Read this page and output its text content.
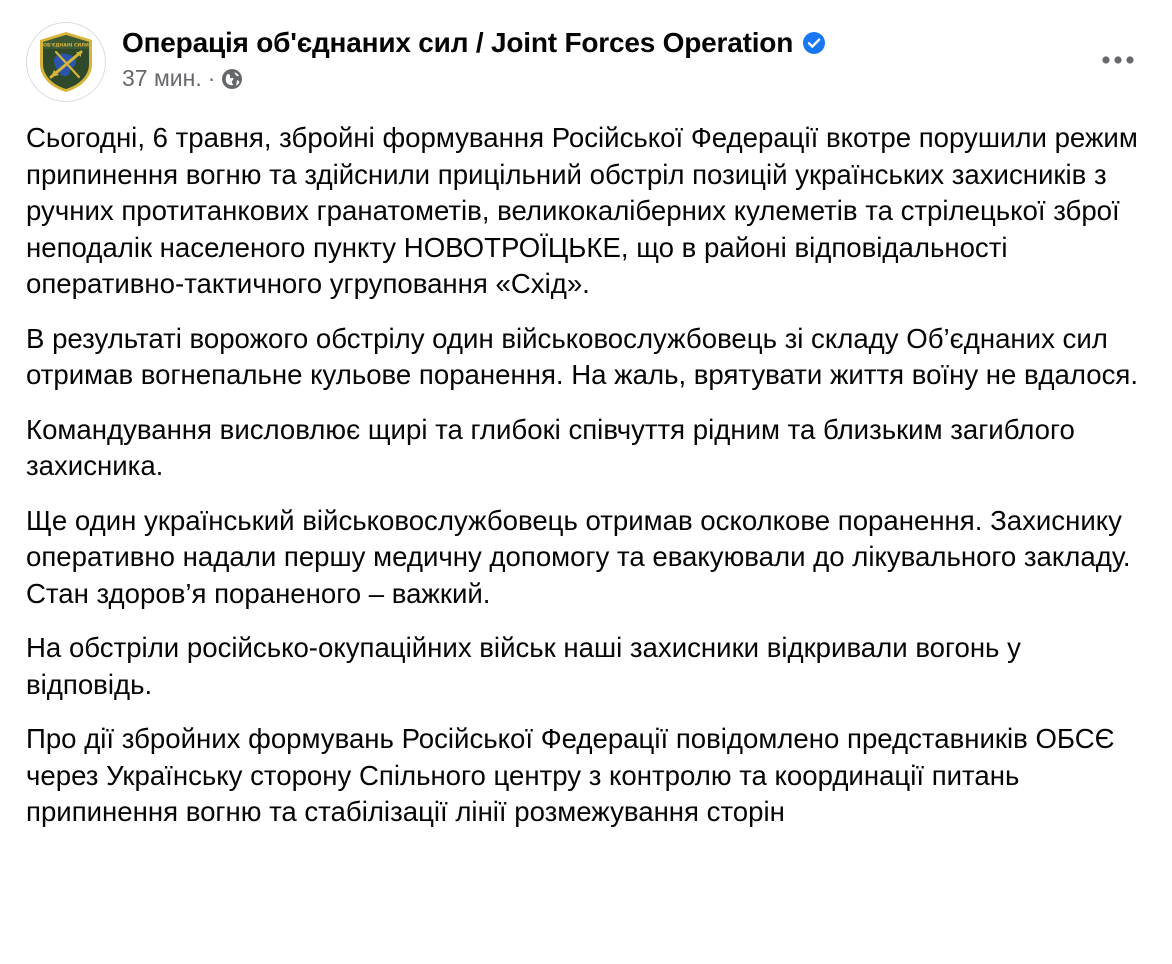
ОБ'ЄДНАНІ СИЛИ Операція об'єднаних сил / Joint Forces Operation
37 мин. ·

Сьогодні, 6 травня, збройні формування Російської Федерації вкотре порушили режим припинення вогню та здійснили прицільний обстріл позицій українських захисників з ручних протитанкових гранатометів, великокаліберних кулеметів та стрілецької зброї неподалік населеного пункту НОВОТРОЇЦЬКЕ, що в районі відповідальності оперативно-тактичного угруповання «Схід».

В результаті ворожого обстрілу один військовослужбовець зі складу Об’єднаних сил отримав вогнепальне кульове поранення. На жаль, врятувати життя воїну не вдалося.

Командування висловлює щирі та глибокі співчуття рідним та близьким загиблого захисника.

Ще один український військовослужбовець отримав осколкове поранення. Захиснику оперативно надали першу медичну допомогу та евакуювали до лікувального закладу. Стан здоров’я пораненого – важкий.

На обстріли російсько-окупаційних військ наші захисники відкривали вогонь у відповідь.

Про дії збройних формувань Російської Федерації повідомлено представників ОБСЄ через Українську сторону Спільного центру з контролю та координації питань припинення вогню та стабілізації лінії розмежування сторін
